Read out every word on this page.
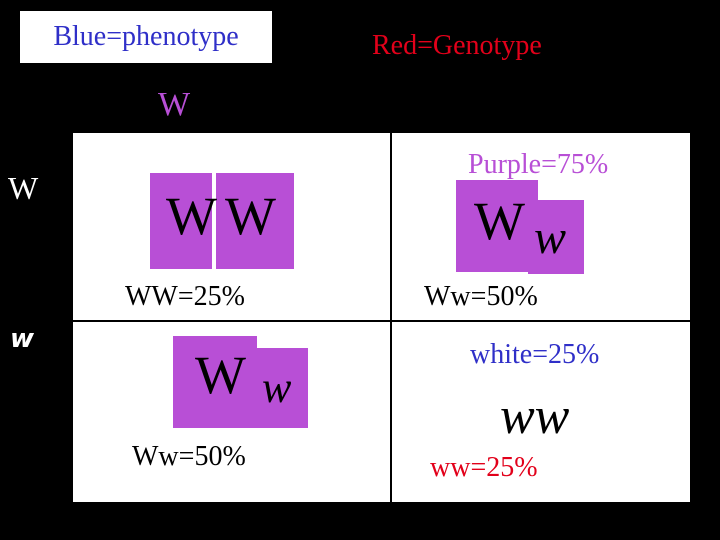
Blue=phenotype	Red=Genotype
W	w
W
w
W W
WW=25%
Purple=75%
W w
Ww=50%
W w
Ww=50%
white=25%
ww
ww=25%
